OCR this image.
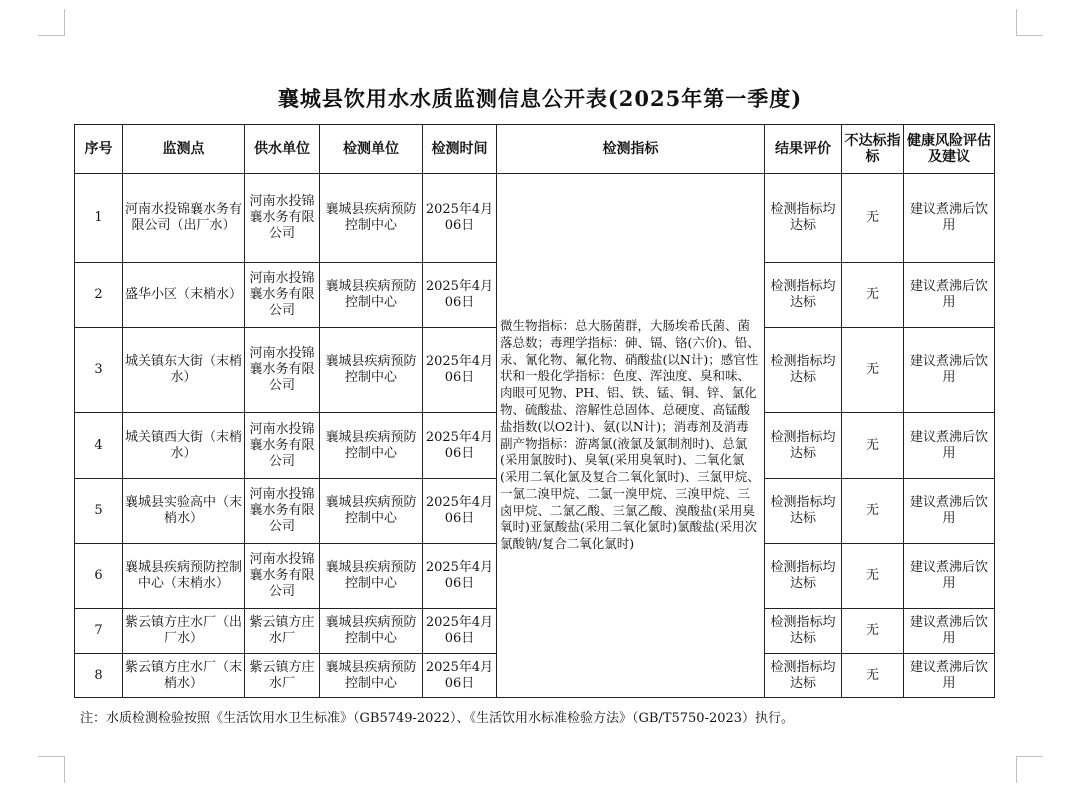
襄城县饮用水水质监测信息公开表(2025年第一季度)
序号	监测点	供水单位	检测单位	检测时间	检测指标	结果评价	不达标指标	健康风险评估及建议
1	河南水投锦襄水务有限公司（出厂水）	河南水投锦襄水务有限公司	襄城县疾病预防控制中心	2025年4月06日	微生物指标：总大肠菌群，大肠埃希氏菌、菌落总数；毒理学指标：砷、镉、铬(六价)、铅、汞、氰化物、氟化物、硝酸盐(以N计)；感官性状和一般化学指标：色度、浑浊度、臭和味、肉眼可见物、PH、铝、铁、锰、铜、锌、氯化物、硫酸盐、溶解性总固体、总硬度、高锰酸盐指数(以O2计)、氨(以N计)；消毒剂及消毒副产物指标：游离氯(液氯及氯制剂时)、总氯(采用氯胺时)、臭氧(采用臭氧时)、二氧化氯(采用二氧化氯及复合二氧化氯时)、三氯甲烷、一氯二溴甲烷、二氯一溴甲烷、三溴甲烷、三卤甲烷、二氯乙酸、三氯乙酸、溴酸盐(采用臭氧时)亚氯酸盐(采用二氧化氯时)氯酸盐(采用次氯酸钠/复合二氧化氯时)	检测指标均达标	无	建议煮沸后饮用
2	盛华小区（末梢水）	河南水投锦襄水务有限公司	襄城县疾病预防控制中心	2025年4月06日		检测指标均达标	无	建议煮沸后饮用
3	城关镇东大街（末梢水）	河南水投锦襄水务有限公司	襄城县疾病预防控制中心	2025年4月06日		检测指标均达标	无	建议煮沸后饮用
4	城关镇西大街（末梢水）	河南水投锦襄水务有限公司	襄城县疾病预防控制中心	2025年4月06日		检测指标均达标	无	建议煮沸后饮用
5	襄城县实验高中（末梢水）	河南水投锦襄水务有限公司	襄城县疾病预防控制中心	2025年4月06日		检测指标均达标	无	建议煮沸后饮用
6	襄城县疾病预防控制中心（末梢水）	河南水投锦襄水务有限公司	襄城县疾病预防控制中心	2025年4月06日		检测指标均达标	无	建议煮沸后饮用
7	紫云镇方庄水厂（出厂水）	紫云镇方庄水厂	襄城县疾病预防控制中心	2025年4月06日		检测指标均达标	无	建议煮沸后饮用
8	紫云镇方庄水厂（末梢水）	紫云镇方庄水厂	襄城县疾病预防控制中心	2025年4月06日		检测指标均达标	无	建议煮沸后饮用
注：水质检测检验按照《生活饮用水卫生标准》（GB5749-2022）、《生活饮用水标准检验方法》（GB/T5750-2023）执行。
